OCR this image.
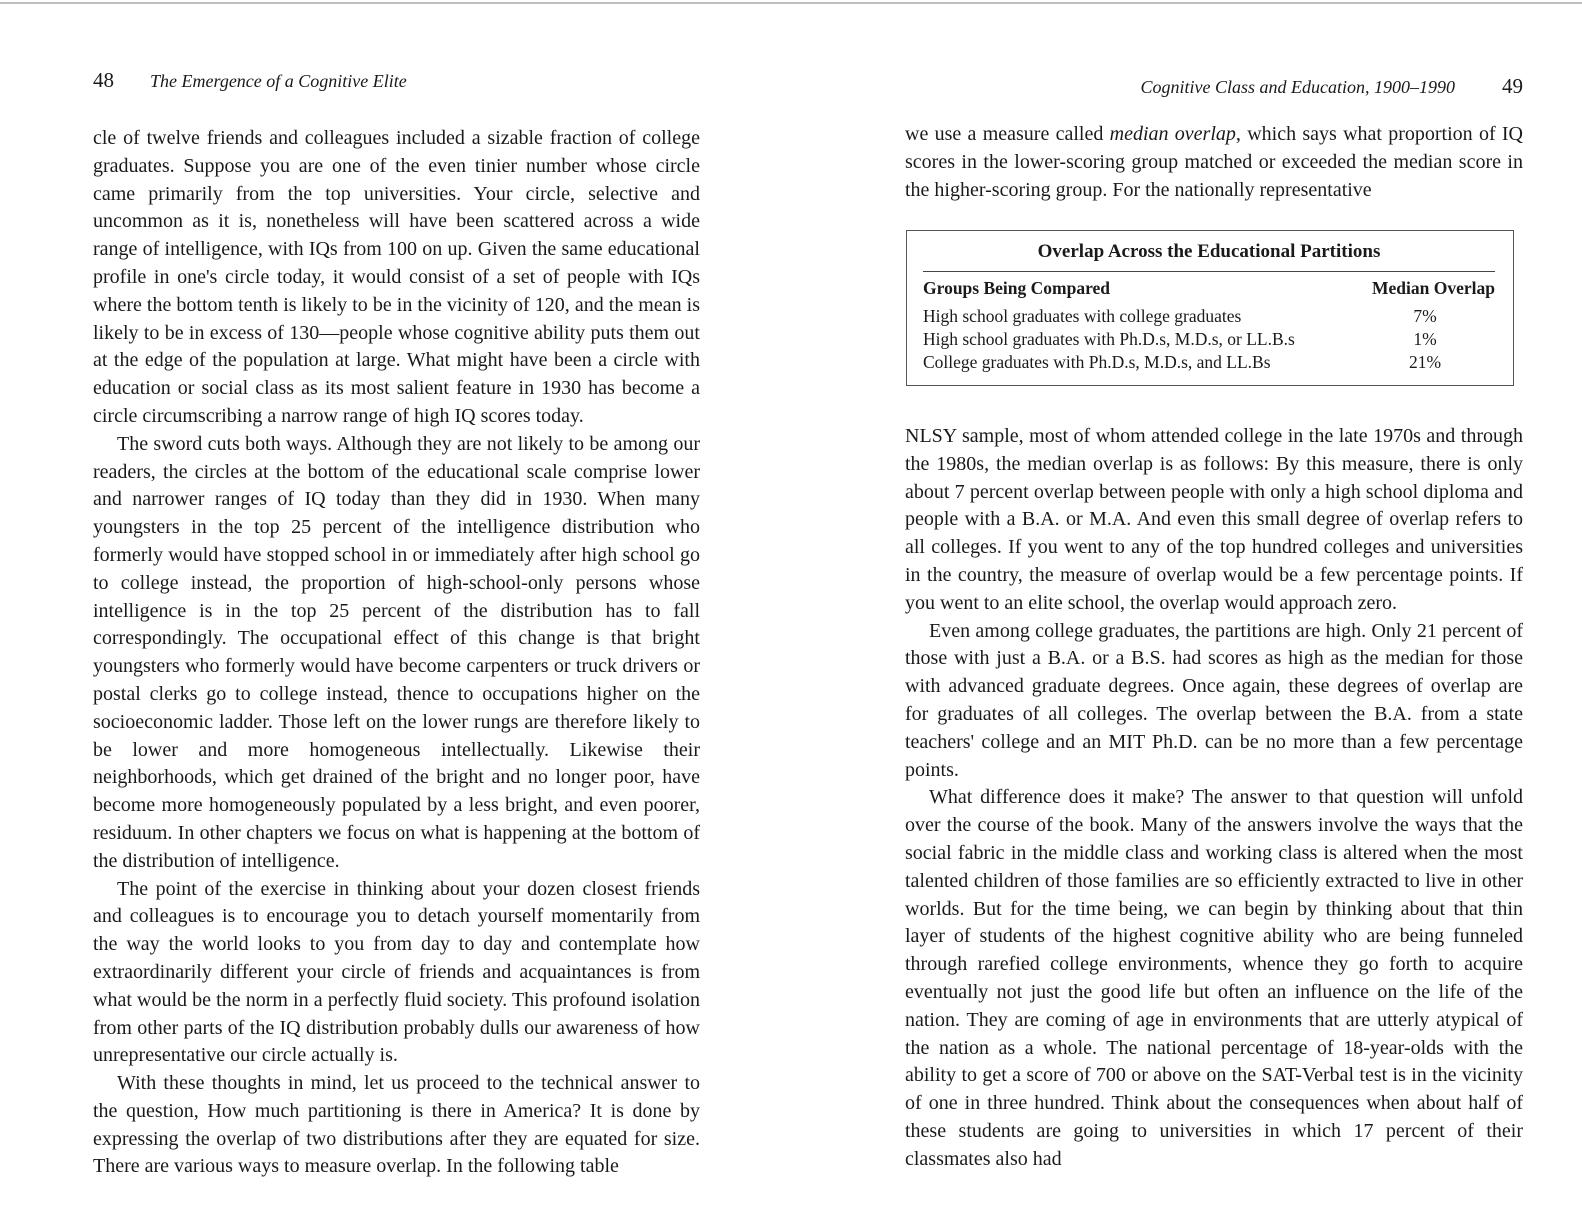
48 The Emergence of a Cognitive Elite

cle of twelve friends and colleagues included a sizable fraction of college graduates. Suppose you are one of the even tinier number whose circle came primarily from the top universities. Your circle, selective and uncommon as it is, nonetheless will have been scattered across a wide range of intelligence, with IQs from 100 on up. Given the same educational profile in one's circle today, it would consist of a set of people with IQs where the bottom tenth is likely to be in the vicinity of 120, and the mean is likely to be in excess of 130—people whose cognitive ability puts them out at the edge of the population at large. What might have been a circle with education or social class as its most salient feature in 1930 has become a circle circumscribing a narrow range of high IQ scores today.

The sword cuts both ways. Although they are not likely to be among our readers, the circles at the bottom of the educational scale comprise lower and narrower ranges of IQ today than they did in 1930. When many youngsters in the top 25 percent of the intelligence distribution who formerly would have stopped school in or immediately after high school go to college instead, the proportion of high-school-only persons whose intelligence is in the top 25 percent of the distribution has to fall correspondingly. The occupational effect of this change is that bright youngsters who formerly would have become carpenters or truck drivers or postal clerks go to college instead, thence to occupations higher on the socioeconomic ladder. Those left on the lower rungs are therefore likely to be lower and more homogeneous intellectually. Likewise their neighborhoods, which get drained of the bright and no longer poor, have become more homogeneously populated by a less bright, and even poorer, residuum. In other chapters we focus on what is happening at the bottom of the distribution of intelligence.

The point of the exercise in thinking about your dozen closest friends and colleagues is to encourage you to detach yourself momentarily from the way the world looks to you from day to day and contemplate how extraordinarily different your circle of friends and acquaintances is from what would be the norm in a perfectly fluid society. This profound isolation from other parts of the IQ distribution probably dulls our awareness of how unrepresentative our circle actually is.

With these thoughts in mind, let us proceed to the technical answer to the question, How much partitioning is there in America? It is done by expressing the overlap of two distributions after they are equated for size. There are various ways to measure overlap. In the following table

Cognitive Class and Education, 1900–1990 49

we use a measure called median overlap, which says what proportion of IQ scores in the lower-scoring group matched or exceeded the median score in the higher-scoring group. For the nationally representative

Overlap Across the Educational Partitions
Groups Being Compared	Median Overlap
High school graduates with college graduates	7%
High school graduates with Ph.D.s, M.D.s, or LL.B.s	1%
College graduates with Ph.D.s, M.D.s, and LL.Bs	21%

NLSY sample, most of whom attended college in the late 1970s and through the 1980s, the median overlap is as follows: By this measure, there is only about 7 percent overlap between people with only a high school diploma and people with a B.A. or M.A. And even this small degree of overlap refers to all colleges. If you went to any of the top hundred colleges and universities in the country, the measure of overlap would be a few percentage points. If you went to an elite school, the overlap would approach zero.

Even among college graduates, the partitions are high. Only 21 percent of those with just a B.A. or a B.S. had scores as high as the median for those with advanced graduate degrees. Once again, these degrees of overlap are for graduates of all colleges. The overlap between the B.A. from a state teachers' college and an MIT Ph.D. can be no more than a few percentage points.

What difference does it make? The answer to that question will unfold over the course of the book. Many of the answers involve the ways that the social fabric in the middle class and working class is altered when the most talented children of those families are so efficiently extracted to live in other worlds. But for the time being, we can begin by thinking about that thin layer of students of the highest cognitive ability who are being funneled through rarefied college environments, whence they go forth to acquire eventually not just the good life but often an influence on the life of the nation. They are coming of age in environments that are utterly atypical of the nation as a whole. The national percentage of 18-year-olds with the ability to get a score of 700 or above on the SAT-Verbal test is in the vicinity of one in three hundred. Think about the consequences when about half of these students are going to universities in which 17 percent of their classmates also had
